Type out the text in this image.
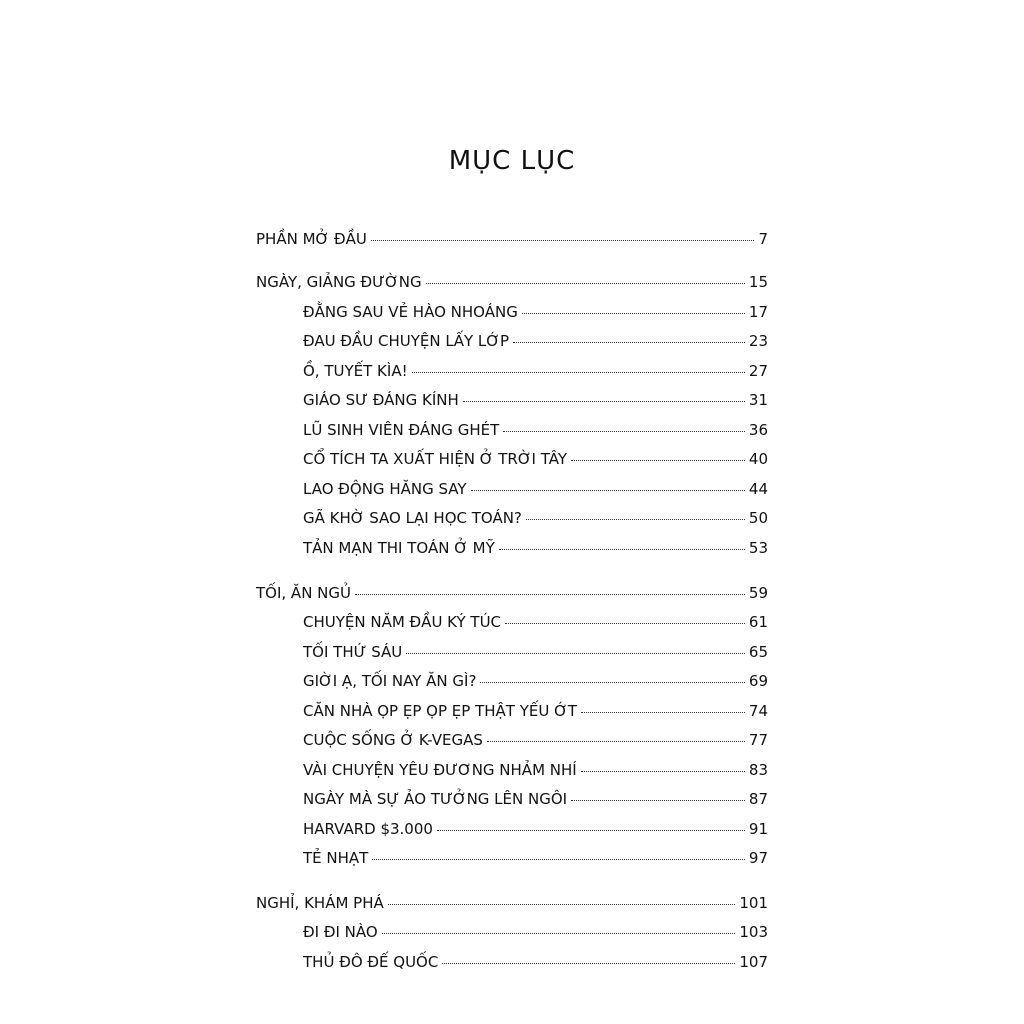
MỤC LỤC
PHẦN MỞ ĐẦU	7
NGÀY, GIẢNG ĐƯỜNG	15
ĐẰNG SAU VẺ HÀO NHOÁNG	17
ĐAU ĐẦU CHUYỆN LẤY LỚP	23
Ồ, TUYẾT KÌA!	27
GIÁO SƯ ĐÁNG KÍNH	31
LŨ SINH VIÊN ĐÁNG GHÉT	36
CỔ TÍCH TA XUẤT HIỆN Ở TRỜI TÂY	40
LAO ĐỘNG HĂNG SAY	44
GÃ KHỜ SAO LẠI HỌC TOÁN?	50
TẢN MẠN THI TOÁN Ở MỸ	53
TỐI, ĂN NGỦ	59
CHUYỆN NĂM ĐẦU KÝ TÚC	61
TỐI THỨ SÁU	65
GIỜI Ạ, TỐI NAY ĂN GÌ?	69
CĂN NHÀ ỌP ẸP ỌP ẸP THẬT YẾU ỚT	74
CUỘC SỐNG Ở K-VEGAS	77
VÀI CHUYỆN YÊU ĐƯƠNG NHẢM NHÍ	83
NGÀY MÀ SỰ ẢO TƯỞNG LÊN NGÔI	87
HARVARD $3.000	91
TẺ NHẠT	97
NGHỈ, KHÁM PHÁ	101
ĐI ĐI NÀO	103
THỦ ĐÔ ĐẾ QUỐC	107
